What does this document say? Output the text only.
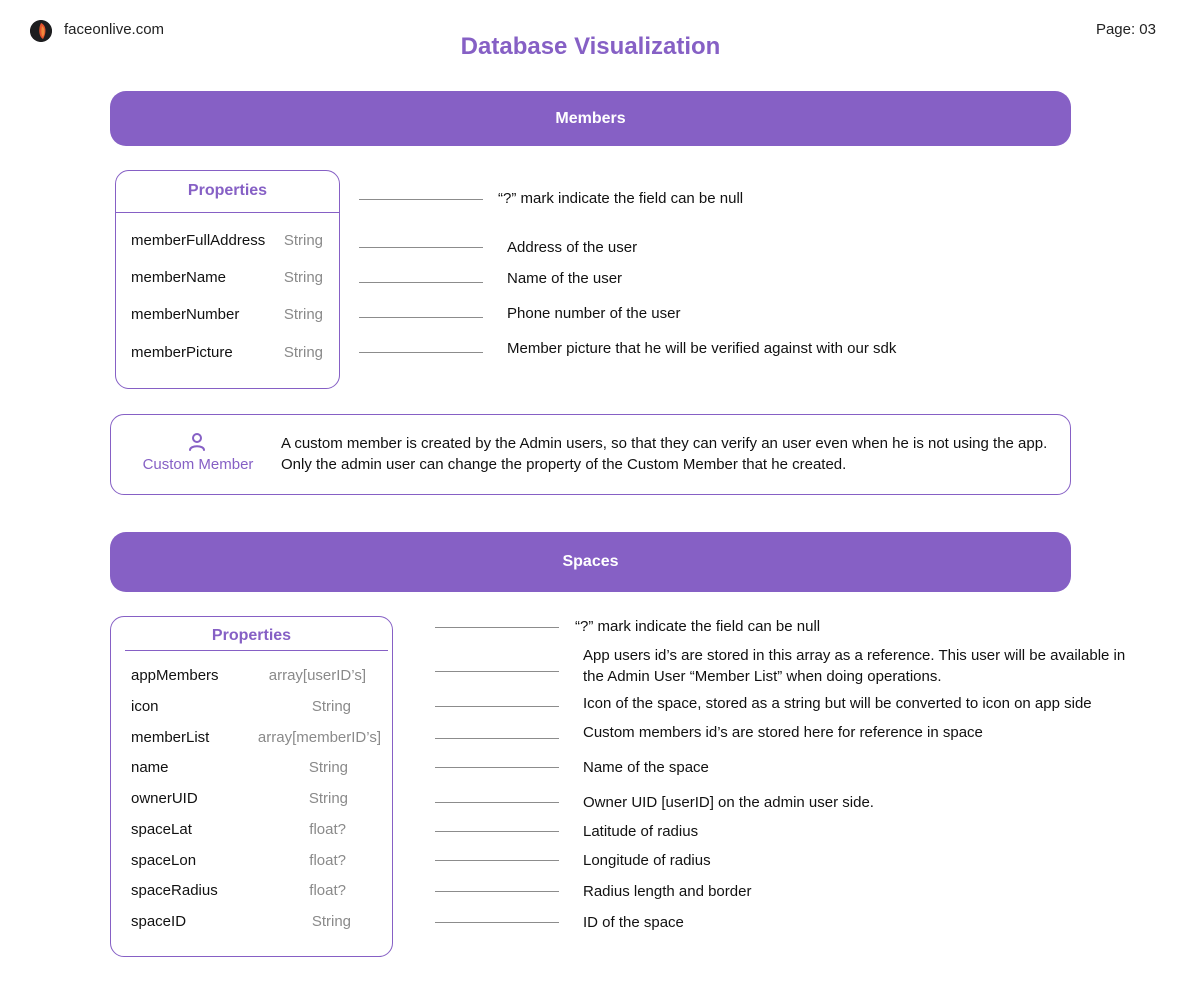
faceonlive.com	Page: 03
Database Visualization
Members
Properties
memberFullAddress	String
memberName	String
memberNumber	String
memberPicture	String
“?” mark indicate the field can be null
Address of the user
Name of the user
Phone number of the user
Member picture that he will be verified against with our sdk
Custom Member
A custom member is created by the Admin users, so that they can verify an user even when he is not using the app. Only the admin user can change the property of the Custom Member that he created.
Spaces
Properties
appMembers	array[userID’s]
icon	String
memberList	array[memberID’s]
name	String
ownerUID	String
spaceLat	float?
spaceLon	float?
spaceRadius	float?
spaceID	String
“?” mark indicate the field can be null
App users id’s are stored in this array as a reference. This user will be available in the Admin User “Member List” when doing operations.
Icon of the space, stored as a string but will be converted to icon on app side
Custom members id’s are stored here for reference in space
Name of the space
Owner UID [userID] on the admin user side.
Latitude of radius
Longitude of radius
Radius length and border
ID of the space
